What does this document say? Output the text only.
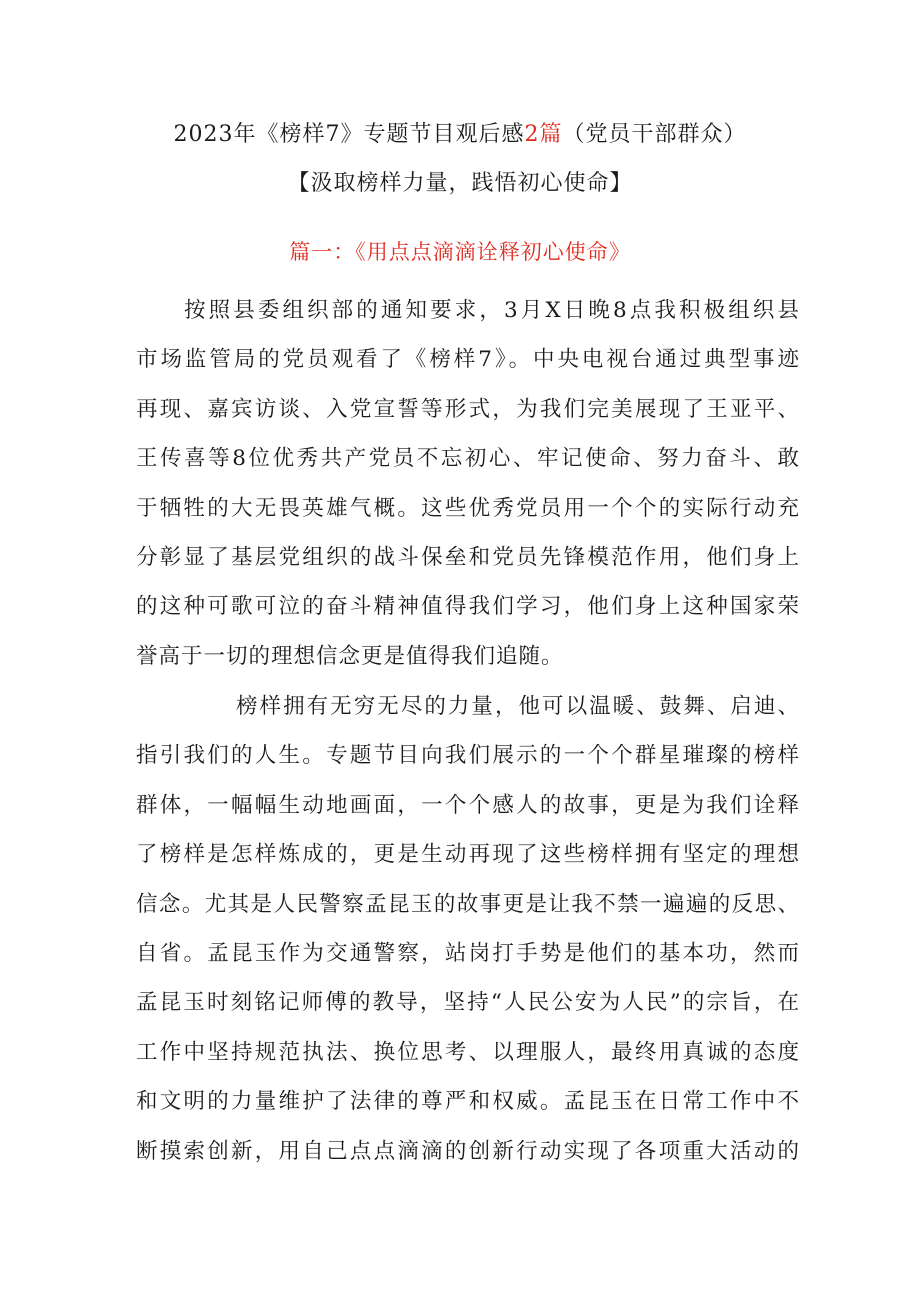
2023年《榜样7》专题节目观后感2篇（党员干部群众）
【汲取榜样力量，践悟初心使命】
篇一：《用点点滴滴诠释初心使命》
按照县委组织部的通知要求，3月X日晚8点我积极组织县
市场监管局的党员观看了《榜样7》。中央电视台通过典型事迹
再现、嘉宾访谈、入党宣誓等形式，为我们完美展现了王亚平、
王传喜等8位优秀共产党员不忘初心、牢记使命、努力奋斗、敢
于牺牲的大无畏英雄气概。这些优秀党员用一个个的实际行动充
分彰显了基层党组织的战斗保垒和党员先锋模范作用，他们身上
的这种可歌可泣的奋斗精神值得我们学习，他们身上这种国家荣
誉高于一切的理想信念更是值得我们追随。
榜样拥有无穷无尽的力量，他可以温暖、鼓舞、启迪、
指引我们的人生。专题节目向我们展示的一个个群星璀璨的榜样
群体，一幅幅生动地画面，一个个感人的故事，更是为我们诠释
了榜样是怎样炼成的，更是生动再现了这些榜样拥有坚定的理想
信念。尤其是人民警察孟昆玉的故事更是让我不禁一遍遍的反思、
自省。孟昆玉作为交通警察，站岗打手势是他们的基本功，然而
孟昆玉时刻铭记师傅的教导，坚持“人民公安为人民”的宗旨，在
工作中坚持规范执法、换位思考、以理服人，最终用真诚的态度
和文明的力量维护了法律的尊严和权威。孟昆玉在日常工作中不
断摸索创新，用自己点点滴滴的创新行动实现了各项重大活动的
